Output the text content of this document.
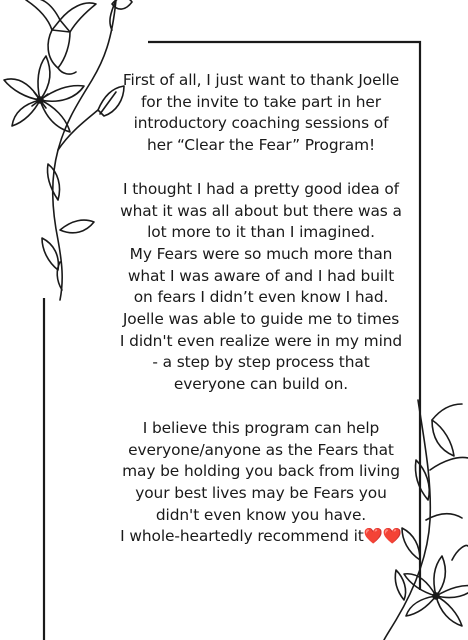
First of all, I just want to thank Joelle
for the invite to take part in her
introductory coaching sessions of
her “Clear the Fear” Program!

I thought I had a pretty good idea of
what it was all about but there was a
lot more to it than I imagined.
My Fears were so much more than
what I was aware of and I had built
on fears I didn’t even know I had.
Joelle was able to guide me to times
I didn't even realize were in my mind
- a step by step process that
everyone can build on.

I believe this program can help
everyone/anyone as the Fears that
may be holding you back from living
your best lives may be Fears you
didn't even know you have.
I whole-heartedly recommend it❤️❤️
